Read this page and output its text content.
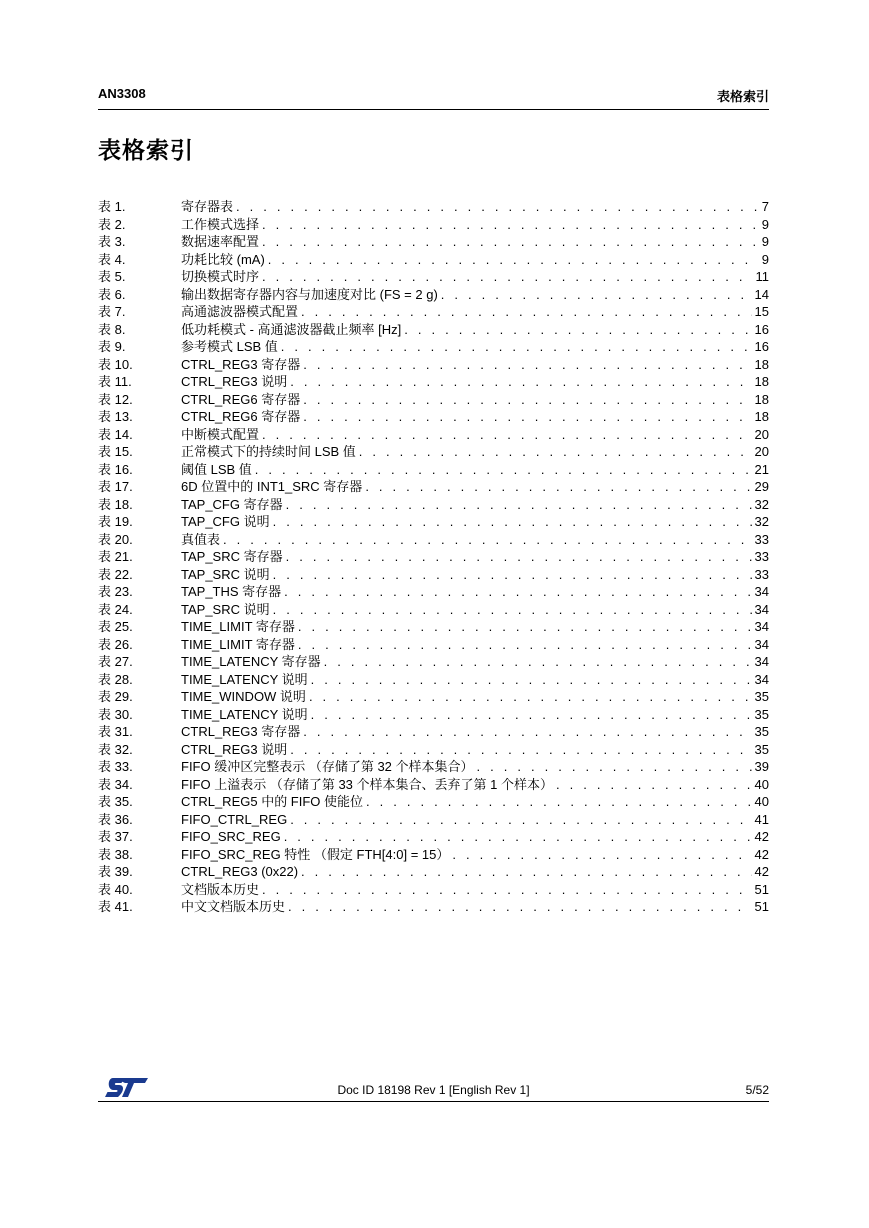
AN3308	表格索引
表格索引
表 1.	寄存器表 . . .	7
表 2.	工作模式选择 . . .	9
表 3.	数据速率配置 . . .	9
表 4.	功耗比较 (mA) . . .	9
表 5.	切换模式时序 . . .	11
表 6.	输出数据寄存器内容与加速度对比 (FS = 2 g) . . .	14
表 7.	高通滤波器模式配置 . . .	15
表 8.	低功耗模式 - 高通滤波器截止频率 [Hz] . . .	16
表 9.	参考模式 LSB 值 . . .	16
表 10.	CTRL_REG3 寄存器 . . .	18
表 11.	CTRL_REG3 说明 . . .	18
表 12.	CTRL_REG6 寄存器 . . .	18
表 13.	CTRL_REG6 寄存器 . . .	18
表 14.	中断模式配置 . . .	20
表 15.	正常模式下的持续时间 LSB 值 . . .	20
表 16.	阈值 LSB 值 . . .	21
表 17.	6D 位置中的 INT1_SRC 寄存器 . . .	29
表 18.	TAP_CFG 寄存器 . . .	32
表 19.	TAP_CFG 说明 . . .	32
表 20.	真值表 . . .	33
表 21.	TAP_SRC 寄存器 . . .	33
表 22.	TAP_SRC 说明 . . .	33
表 23.	TAP_THS 寄存器 . . .	34
表 24.	TAP_SRC 说明 . . .	34
表 25.	TIME_LIMIT 寄存器 . . .	34
表 26.	TIME_LIMIT 寄存器 . . .	34
表 27.	TIME_LATENCY 寄存器 . . .	34
表 28.	TIME_LATENCY 说明 . . .	34
表 29.	TIME_WINDOW 说明 . . .	35
表 30.	TIME_LATENCY 说明 . . .	35
表 31.	CTRL_REG3 寄存器 . . .	35
表 32.	CTRL_REG3 说明 . . .	35
表 33.	FIFO 缓冲区完整表示 （存储了第 32 个样本集合） . . .	39
表 34.	FIFO 上溢表示 （存储了第 33 个样本集合、丢弃了第 1 个样本） . . .	40
表 35.	CTRL_REG5 中的 FIFO 使能位 . . .	40
表 36.	FIFO_CTRL_REG . . .	41
表 37.	FIFO_SRC_REG . . .	42
表 38.	FIFO_SRC_REG 特性 （假定 FTH[4:0] = 15） . . .	42
表 39.	CTRL_REG3 (0x22) . . .	42
表 40.	文档版本历史 . . .	51
表 41.	中文文档版本历史 . . .	51
Doc ID 18198 Rev 1 [English Rev 1]	5/52
